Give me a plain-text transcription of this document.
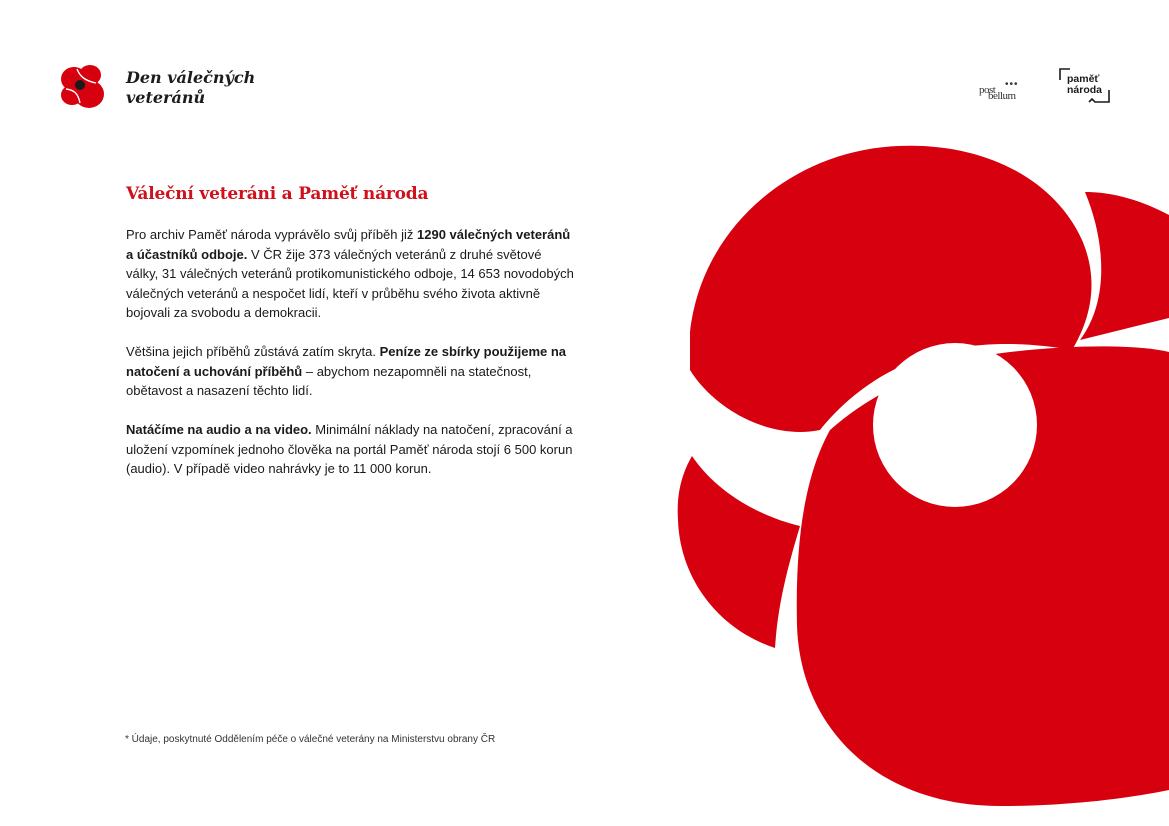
Den válečných
veteránů	post
bellum
•••	paměť
národa
Váleční veteráni a Paměť národa

Pro archiv Paměť národa vyprávělo svůj příběh již 1290 válečných veteránů a účastníků odboje. V ČR žije 373 válečných veteránů z druhé světové války, 31 válečných veteránů protikomunistického odboje, 14 653 novodobých válečných veteránů a nespočet lidí, kteří v průběhu svého života aktivně bojovali za svobodu a demokracii.

Většina jejich příběhů zůstává zatím skryta. Peníze ze sbírky použijeme na natočení a uchování příběhů – abychom nezapomněli na statečnost, obětavost a nasazení těchto lidí.

Natáčíme na audio a na video. Minimální náklady na natočení, zpracování a uložení vzpomínek jednoho člověka na portál Paměť národa stojí 6 500 korun (audio). V případě video nahrávky je to 11 000 korun.

* Údaje, poskytnuté Oddělením péče o válečné veterány na Ministerstvu obrany ČR
